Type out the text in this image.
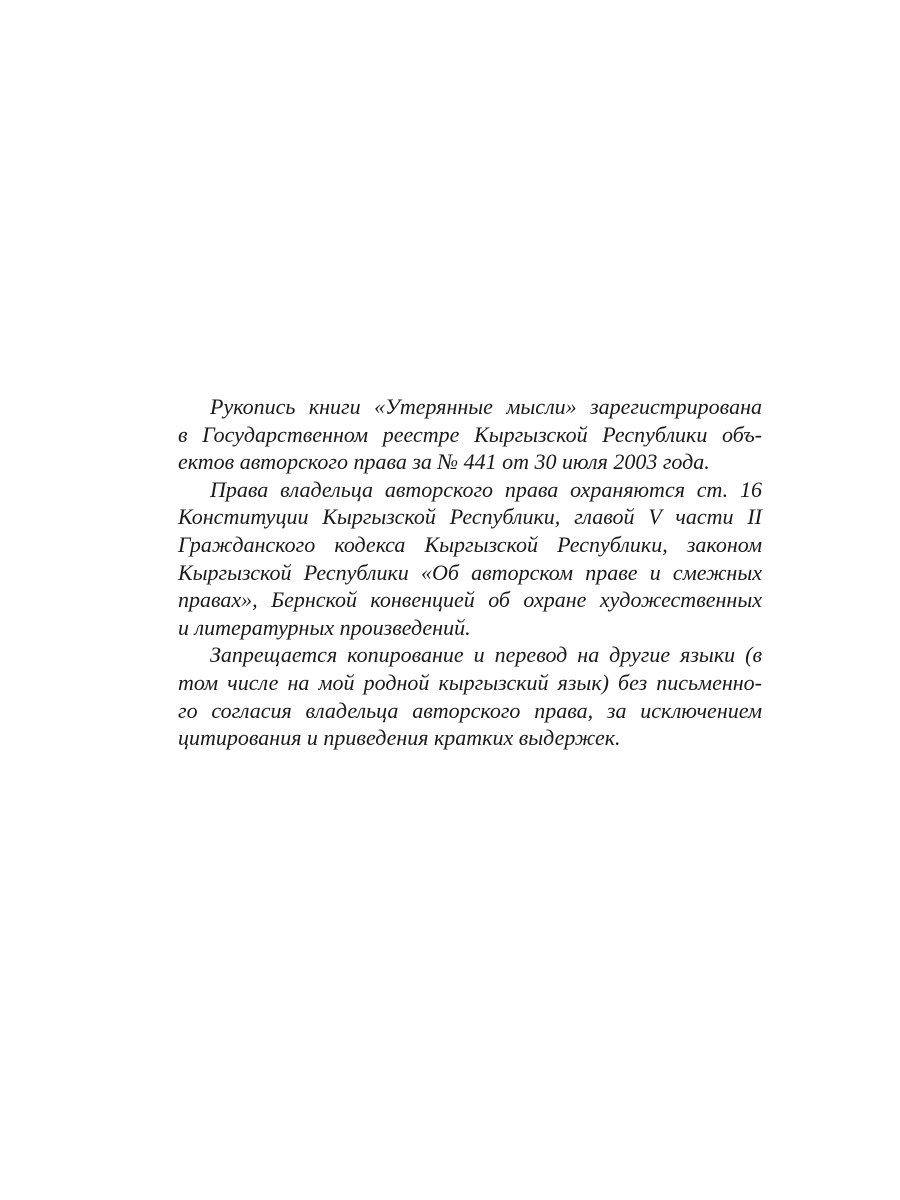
Рукопись книги «Утерянные мысли» зарегистрирована
в Государственном реестре Кыргызской Республики объ-
ектов авторского права за № 441 от 30 июля 2003 года.
Права владельца авторского права охраняются ст. 16
Конституции Кыргызской Республики, главой V части II
Гражданского кодекса Кыргызской Республики, законом
Кыргызской Республики «Об авторском праве и смежных
правах», Бернской конвенцией об охране художественных
и литературных произведений.
Запрещается копирование и перевод на другие языки (в
том числе на мой родной кыргызский язык) без письменно-
го согласия владельца авторского права, за исключением
цитирования и приведения кратких выдержек.
